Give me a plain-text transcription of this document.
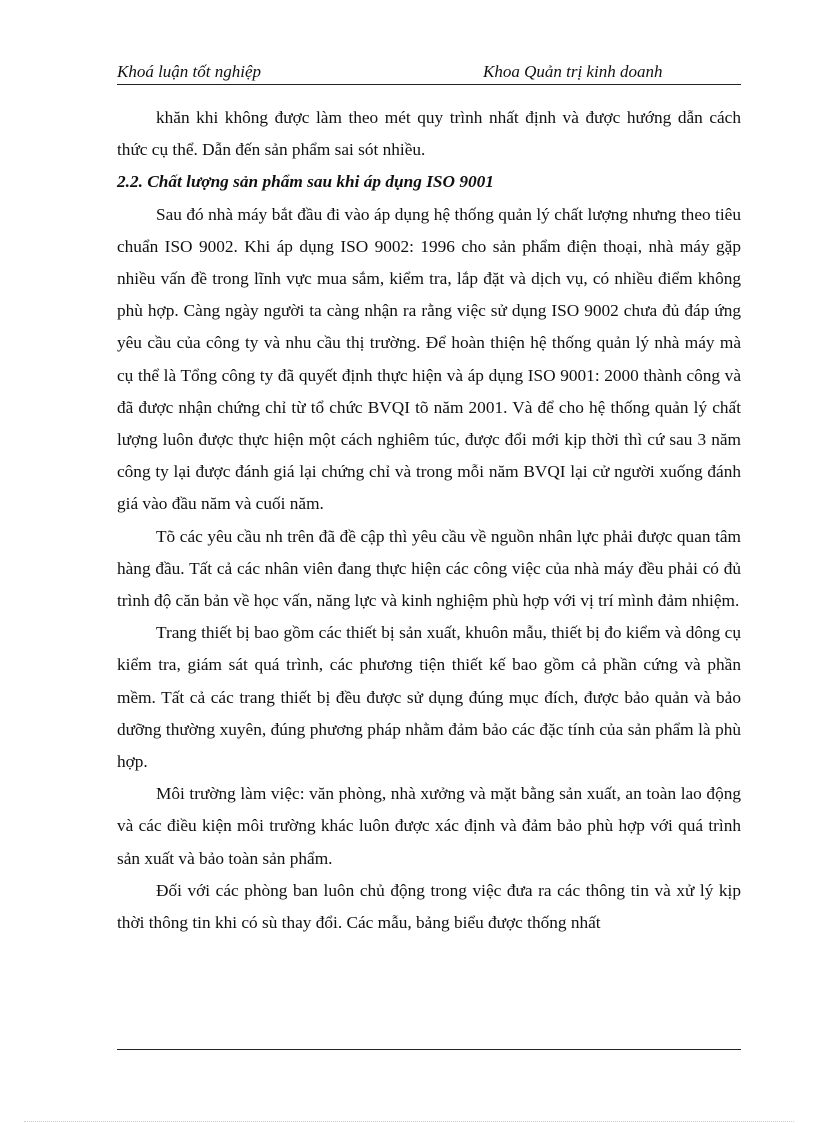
Khoá luận tốt nghiệp	Khoa Quản trị kinh doanh

khăn khi không được làm theo mét quy trình nhất định và được hướng dẫn cách thức cụ thể. Dẫn đến sản phẩm sai sót nhiều.

2.2. Chất lượng sản phẩm sau khi áp dụng ISO 9001

Sau đó nhà máy bắt đầu đi vào áp dụng hệ thống quản lý chất lượng nhưng theo tiêu chuẩn ISO 9002. Khi áp dụng ISO 9002: 1996 cho sản phẩm điện thoại, nhà máy gặp nhiều vấn đề trong lĩnh vực mua sắm, kiểm tra, lắp đặt và dịch vụ, có nhiều điểm không phù hợp. Càng ngày người ta càng nhận ra rằng việc sử dụng ISO 9002 chưa đủ đáp ứng yêu cầu của công ty và nhu cầu thị trường. Để hoàn thiện hệ thống quản lý nhà máy mà cụ thể là Tổng công ty đã quyết định thực hiện và áp dụng ISO 9001: 2000 thành công và đã được nhận chứng chỉ từ tổ chức BVQI tõ năm 2001. Và để cho hệ thống quản lý chất lượng luôn được thực hiện một cách nghiêm túc, được đổi mới kịp thời thì cứ sau 3 năm công ty lại được đánh giá lại chứng chỉ và trong mỗi năm BVQI lại cử người xuống đánh giá vào đầu năm và cuối năm.

Tõ các yêu cầu nh trên đã đề cập thì yêu cầu về nguồn nhân lực phải được quan tâm hàng đầu. Tất cả các nhân viên đang thực hiện các công việc của nhà máy đều phải có đủ trình độ căn bản về học vấn, năng lực và kinh nghiệm phù hợp với vị trí mình đảm nhiệm.

Trang thiết bị bao gồm các thiết bị sản xuất, khuôn mẫu, thiết bị đo kiểm và dông cụ kiểm tra, giám sát quá trình, các phương tiện thiết kế bao gồm cả phần cứng và phần mềm. Tất cả các trang thiết bị đều được sử dụng đúng mục đích, được bảo quản và bảo dưỡng thường xuyên, đúng phương pháp nhằm đảm bảo các đặc tính của sản phẩm là phù hợp.

Môi trường làm việc: văn phòng, nhà xưởng và mặt bằng sản xuất, an toàn lao động và các điều kiện môi trường khác luôn được xác định và đảm bảo phù hợp với quá trình sản xuất và bảo toàn sản phẩm.

Đối với các phòng ban luôn chủ động trong việc đưa ra các thông tin và xử lý kịp thời thông tin khi có sù thay đổi. Các mẫu, bảng biểu được thống nhất
